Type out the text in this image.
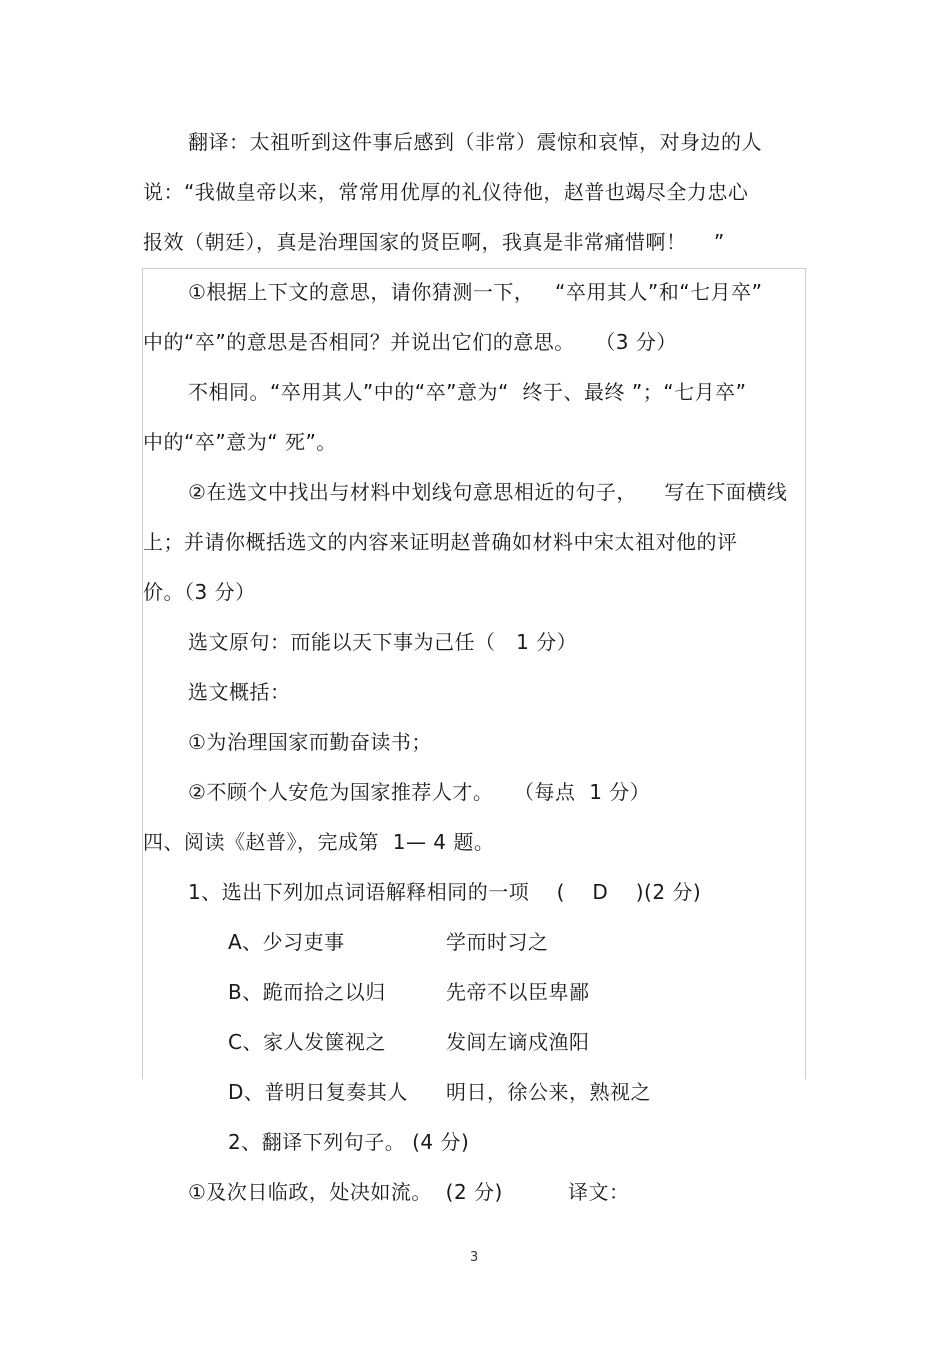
翻译：太祖听到这件事后感到（非常）震惊和哀悼，对身边的人
说：“我做皇帝以来，常常用优厚的礼仪待他，赵普也竭尽全力忠心
报效（朝廷），真是治理国家的贤臣啊，我真是非常痛惜啊！    ”
①根据上下文的意思，请你猜测一下，   “卒用其人”和“七月卒”
中的“卒”的意思是否相同？并说出它们的意思。   （3 分）
不相同。“卒用其人”中的“卒”意为“  终于、最终 ”；“七月卒”
中的“卒”意为“ 死”。
②在选文中找出与材料中划线句意思相近的句子，    写在下面横线
上；并请你概括选文的内容来证明赵普确如材料中宋太祖对他的评
价。（3 分）
选文原句：而能以天下事为己任（   1 分）
选文概括：
①为治理国家而勤奋读书；
②不顾个人安危为国家推荐人才。   （每点  1 分）
四、阅读《赵普》，完成第  1— 4 题。
1、选出下列加点词语解释相同的一项    (    D    )(2 分)
A、少习吏事	学而时习之
B、跪而拾之以归	先帝不以臣卑鄙
C、家人发箧视之	发闾左谪戍渔阳
D、普明日复奏其人 明日，徐公来，熟视之
2、翻译下列句子。 (4 分)
①及次日临政，处决如流。  (2 分)	译文：
3
